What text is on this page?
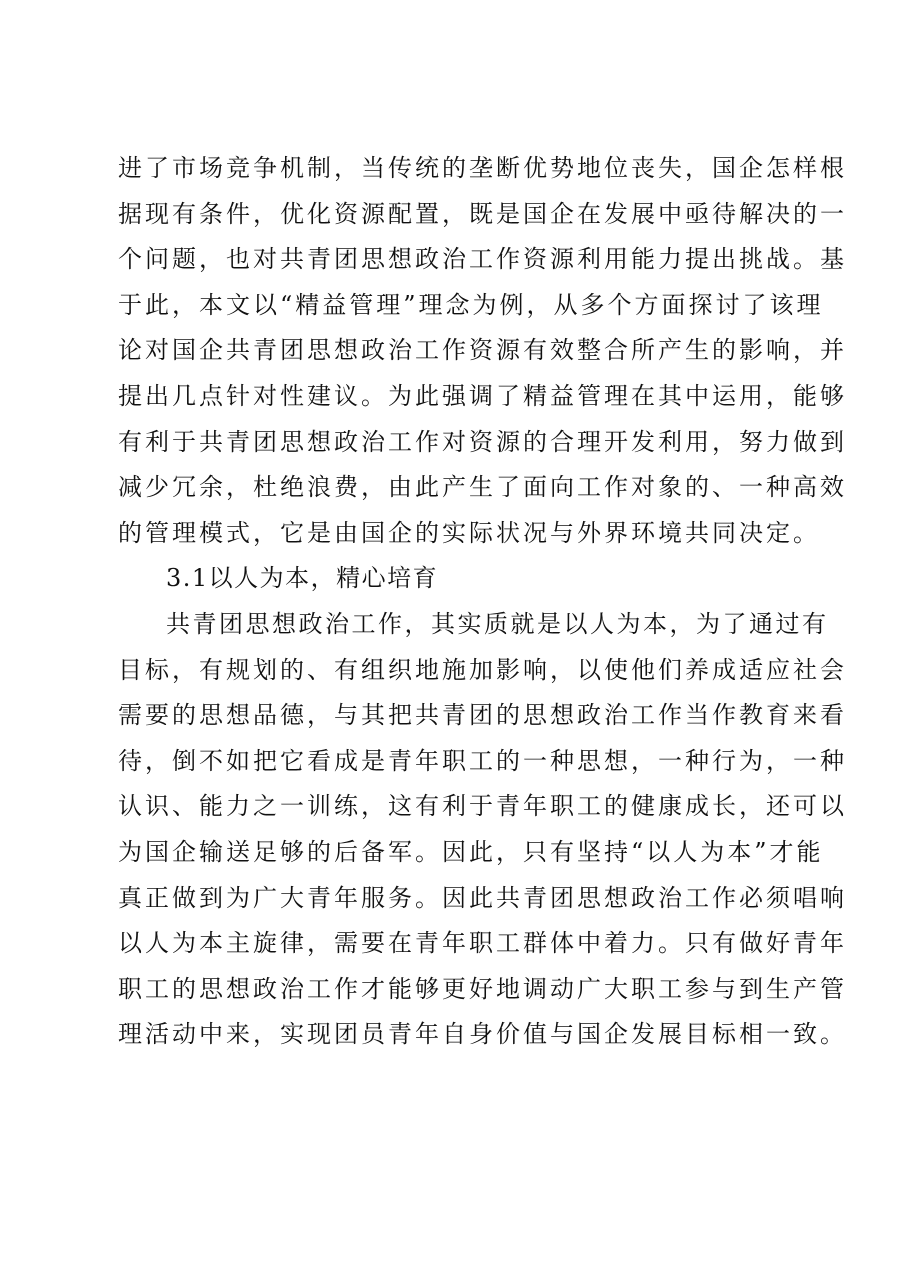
进了市场竞争机制，当传统的垄断优势地位丧失，国企怎样根
据现有条件，优化资源配置，既是国企在发展中亟待解决的一
个问题，也对共青团思想政治工作资源利用能力提出挑战。基
于此，本文以“精益管理”理念为例，从多个方面探讨了该理
论对国企共青团思想政治工作资源有效整合所产生的影响，并
提出几点针对性建议。为此强调了精益管理在其中运用，能够
有利于共青团思想政治工作对资源的合理开发利用，努力做到
减少冗余，杜绝浪费，由此产生了面向工作对象的、一种高效
的管理模式，它是由国企的实际状况与外界环境共同决定。
3.1以人为本，精心培育
共青团思想政治工作，其实质就是以人为本，为了通过有
目标，有规划的、有组织地施加影响，以使他们养成适应社会
需要的思想品德，与其把共青团的思想政治工作当作教育来看
待，倒不如把它看成是青年职工的一种思想，一种行为，一种
认识、能力之一训练，这有利于青年职工的健康成长，还可以
为国企输送足够的后备军。因此，只有坚持“以人为本”才能
真正做到为广大青年服务。因此共青团思想政治工作必须唱响
以人为本主旋律，需要在青年职工群体中着力。只有做好青年
职工的思想政治工作才能够更好地调动广大职工参与到生产管
理活动中来，实现团员青年自身价值与国企发展目标相一致。
